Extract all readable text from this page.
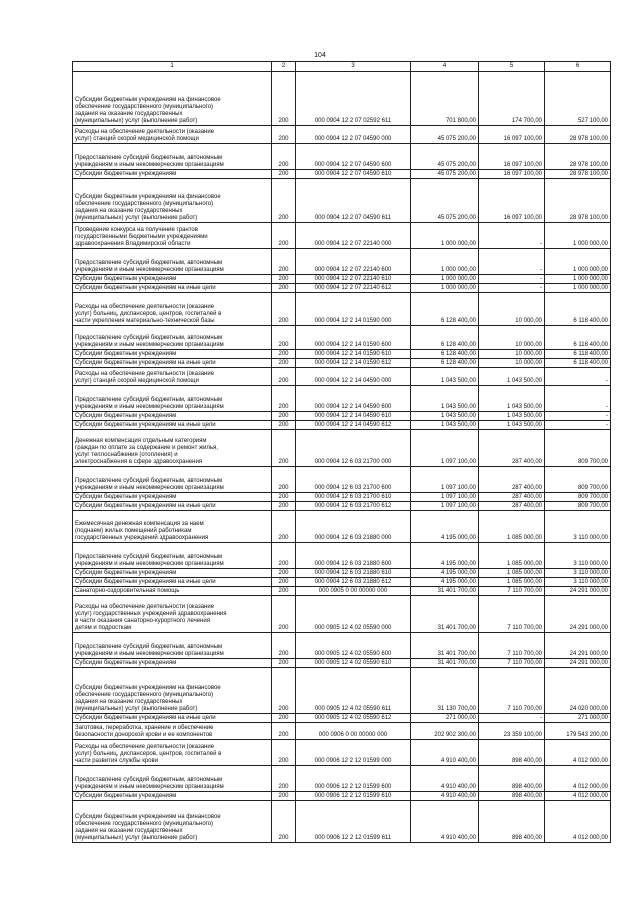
104
1	2	3	4	5	6
Субсидии бюджетным учреждениям на финансовое
обеспечение государственного (муниципального)
задания на оказание государственных
(муниципальных) услуг (выполнение работ)	200	000 0904 12 2 07 02592 611	701 800,00	174 700,00	527 100,00
Расходы на обеспечение деятельности (оказание
услуг) станций скорой медицинской помощи	200	000 0904 12 2 07 04590 000	45 075 200,00	16 097 100,00	28 978 100,00
Предоставление субсидий бюджетным, автономным
учреждениям и иным некоммерческим организациям	200	000 0904 12 2 07 04590 600	45 075 200,00	16 097 100,00	28 978 100,00
Субсидии бюджетным учреждениям	200	000 0904 12 2 07 04590 610	45 075 200,00	16 097 100,00	28 978 100,00
Субсидии бюджетным учреждениям на финансовое
обеспечение государственного (муниципального)
задания на оказание государственных
(муниципальных) услуг (выполнение работ)	200	000 0904 12 2 07 04590 611	45 075 200,00	16 097 100,00	28 978 100,00
Проведение конкурса на получение грантов
государственными бюджетными учреждениями
здравоохранения Владимирской области	200	000 0904 12 2 07 22140 000	1 000 000,00	-	1 000 000,00
Предоставление субсидий бюджетным, автономным
учреждениям и иным некоммерческим организациям	200	000 0904 12 2 07 22140 600	1 000 000,00	-	1 000 000,00
Субсидии бюджетным учреждениям	200	000 0904 12 2 07 22140 610	1 000 000,00	-	1 000 000,00
Субсидии бюджетным учреждениям на иные цели	200	000 0904 12 2 07 22140 612	1 000 000,00	-	1 000 000,00
Расходы на обеспечение деятельности (оказание
услуг) больниц, диспансеров, центров, госпиталей в
части укрепления материально-технической базы	200	000 0904 12 2 14 01590 000	6 128 400,00	10 000,00	6 118 400,00
Предоставление субсидий бюджетным, автономным
учреждениям и иным некоммерческим организациям	200	000 0904 12 2 14 01590 600	6 128 400,00	10 000,00	6 118 400,00
Субсидии бюджетным учреждениям	200	000 0904 12 2 14 01590 610	6 128 400,00	10 000,00	6 118 400,00
Субсидии бюджетным учреждениям на иные цели	200	000 0904 12 2 14 01590 612	6 128 400,00	10 000,00	6 118 400,00
Расходы на обеспечение деятельности (оказание
услуг) станций скорой медицинской помощи	200	000 0904 12 2 14 04590 000	1 043 500,00	1 043 500,00	-
Предоставление субсидий бюджетным, автономным
учреждениям и иным некоммерческим организациям	200	000 0904 12 2 14 04590 600	1 043 500,00	1 043 500,00	-
Субсидии бюджетным учреждениям	200	000 0904 12 2 14 04590 610	1 043 500,00	1 043 500,00	-
Субсидии бюджетным учреждениям на иные цели	200	000 0904 12 2 14 04590 612	1 043 500,00	1 043 500,00	-
Денежная компенсация отдельным категориям
граждан по оплате за содержание и ремонт жилья,
услуг теплоснабжения (отопления) и
электроснабжения в сфере здравоохранения	200	000 0904 12 6 03 21700 000	1 097 100,00	287 400,00	809 700,00
Предоставление субсидий бюджетным, автономным
учреждениям и иным некоммерческим организациям	200	000 0904 12 6 03 21700 600	1 097 100,00	287 400,00	809 700,00
Субсидии бюджетным учреждениям	200	000 0904 12 6 03 21700 610	1 097 100,00	287 400,00	809 700,00
Субсидии бюджетным учреждениям на иные цели	200	000 0904 12 6 03 21700 612	1 097 100,00	287 400,00	809 700,00
Ежемесячная денежная компенсация за наем
(поднаем) жилых помещений работникам
государственных учреждений здравоохранения	200	000 0904 12 6 03 21880 000	4 195 000,00	1 085 000,00	3 110 000,00
Предоставление субсидий бюджетным, автономным
учреждениям и иным некоммерческим организациям	200	000 0904 12 6 03 21880 600	4 195 000,00	1 085 000,00	3 110 000,00
Субсидии бюджетным учреждениям	200	000 0904 12 6 03 21880 610	4 195 000,00	1 085 000,00	3 110 000,00
Субсидии бюджетным учреждениям на иные цели	200	000 0904 12 6 03 21880 612	4 195 000,00	1 085 000,00	3 110 000,00
Санаторно-оздоровительная помощь	200	000 0905 0 00 00000 000	31 401 700,00	7 110 700,00	24 291 000,00
Расходы на обеспечение деятельности (оказание
услуг) государственных учреждений здравоохранения
в части оказания санаторно-курортного лечения
детям и подросткам	200	000 0905 12 4 02 05590 000	31 401 700,00	7 110 700,00	24 291 000,00
Предоставление субсидий бюджетным, автономным
учреждениям и иным некоммерческим организациям	200	000 0905 12 4 02 05590 600	31 401 700,00	7 110 700,00	24 291 000,00
Субсидии бюджетным учреждениям	200	000 0905 12 4 02 05590 610	31 401 700,00	7 110 700,00	24 291 000,00
Субсидии бюджетным учреждениям на финансовое
обеспечение государственного (муниципального)
задания на оказание государственных
(муниципальных) услуг (выполнение работ)	200	000 0905 12 4 02 05590 611	31 130 700,00	7 110 700,00	24 020 000,00
Субсидии бюджетным учреждениям на иные цели	200	000 0905 12 4 02 05590 612	271 000,00	-	271 000,00
Заготовка, переработка, хранение и обеспечение
безопасности донорской крови и ее компонентов	200	000 0906 0 00 00000 000	202 902 300,00	23 359 100,00	179 543 200,00
Расходы на обеспечение деятельности (оказание
услуг) больниц, диспансеров, центров, госпиталей в
части развития службы крови	200	000 0906 12 2 12 01599 000	4 910 400,00	898 400,00	4 012 000,00
Предоставление субсидий бюджетным, автономным
учреждениям и иным некоммерческим организациям	200	000 0906 12 2 12 01599 600	4 910 400,00	898 400,00	4 012 000,00
Субсидии бюджетным учреждениям	200	000 0906 12 2 12 01599 610	4 910 400,00	898 400,00	4 012 000,00
Субсидии бюджетным учреждениям на финансовое
обеспечение государственного (муниципального)
задания на оказание государственных
(муниципальных) услуг (выполнение работ)	200	000 0906 12 2 12 01599 611	4 910 400,00	898 400,00	4 012 000,00
